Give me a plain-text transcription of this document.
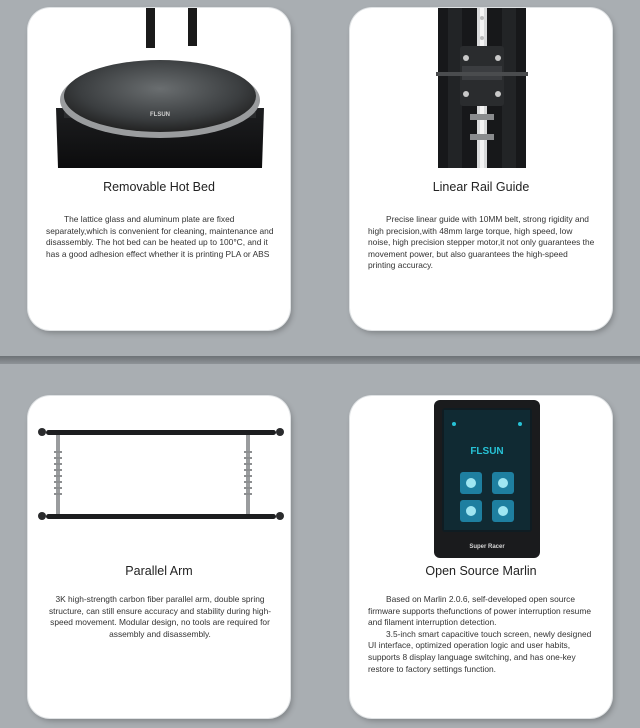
FLSUN
Removable Hot Bed

The lattice glass and aluminum plate are fixed separately,which is convenient for cleaning, maintenance and disassembly. The hot bed can be heated up to 100°C, and it has a good adhesion effect whether it is printing PLA or ABS

Linear Rail Guide

Precise linear guide with 10MM belt, strong rigidity and high precision,with 48mm large torque, high speed, low noise, high precision stepper motor,it not only guarantees the movement power, but also guarantees the high-speed printing accuracy.

Parallel Arm

3K high-strength carbon fiber parallel arm, double spring structure, can still ensure accuracy and stability during high-speed movement. Modular design, no tools are required for assembly and disassembly.

FLSUN
Super Racer
Open Source Marlin

Based on Marlin 2.0.6, self-developed open source firmware supports thefunctions of power interruption resume and filament interruption detection.

3.5-inch smart capacitive touch screen, newly designed UI interface, optimized operation logic and user habits, supports 8 display language switching, and has one-key restore to factory settings function.
